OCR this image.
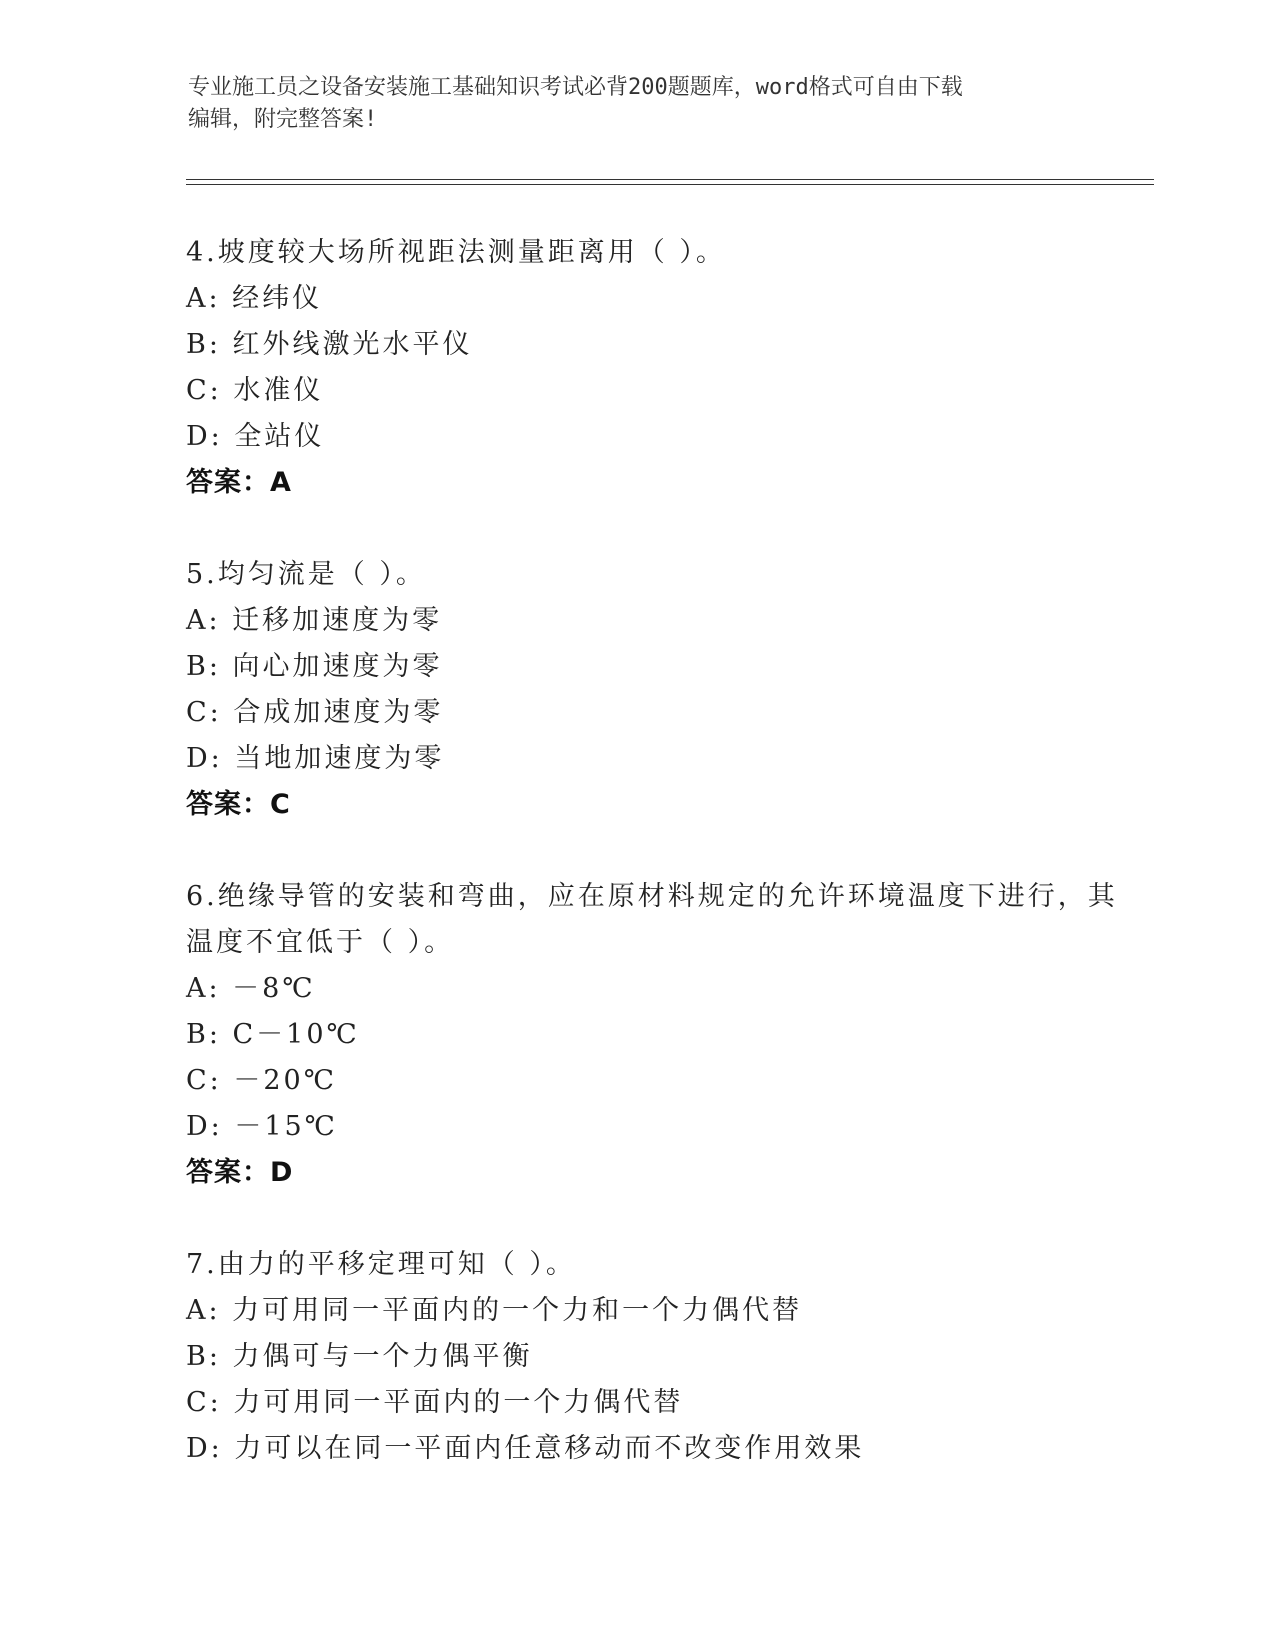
专业施工员之设备安装施工基础知识考试必背200题题库，word格式可自由下载
编辑，附完整答案!
4.坡度较大场所视距法测量距离用（ ）。
A: 经纬仪
B: 红外线激光水平仪
C: 水准仪
D: 全站仪
答案：A
5.均匀流是（ ）。
A: 迁移加速度为零
B: 向心加速度为零
C: 合成加速度为零
D: 当地加速度为零
答案：C
6.绝缘导管的安装和弯曲，应在原材料规定的允许环境温度下进行，其温度不宜低于（ ）。
A: －8℃
B: C－10℃
C: －20℃
D: －15℃
答案：D
7.由力的平移定理可知（ ）。
A: 力可用同一平面内的一个力和一个力偶代替
B: 力偶可与一个力偶平衡
C: 力可用同一平面内的一个力偶代替
D: 力可以在同一平面内任意移动而不改变作用效果
